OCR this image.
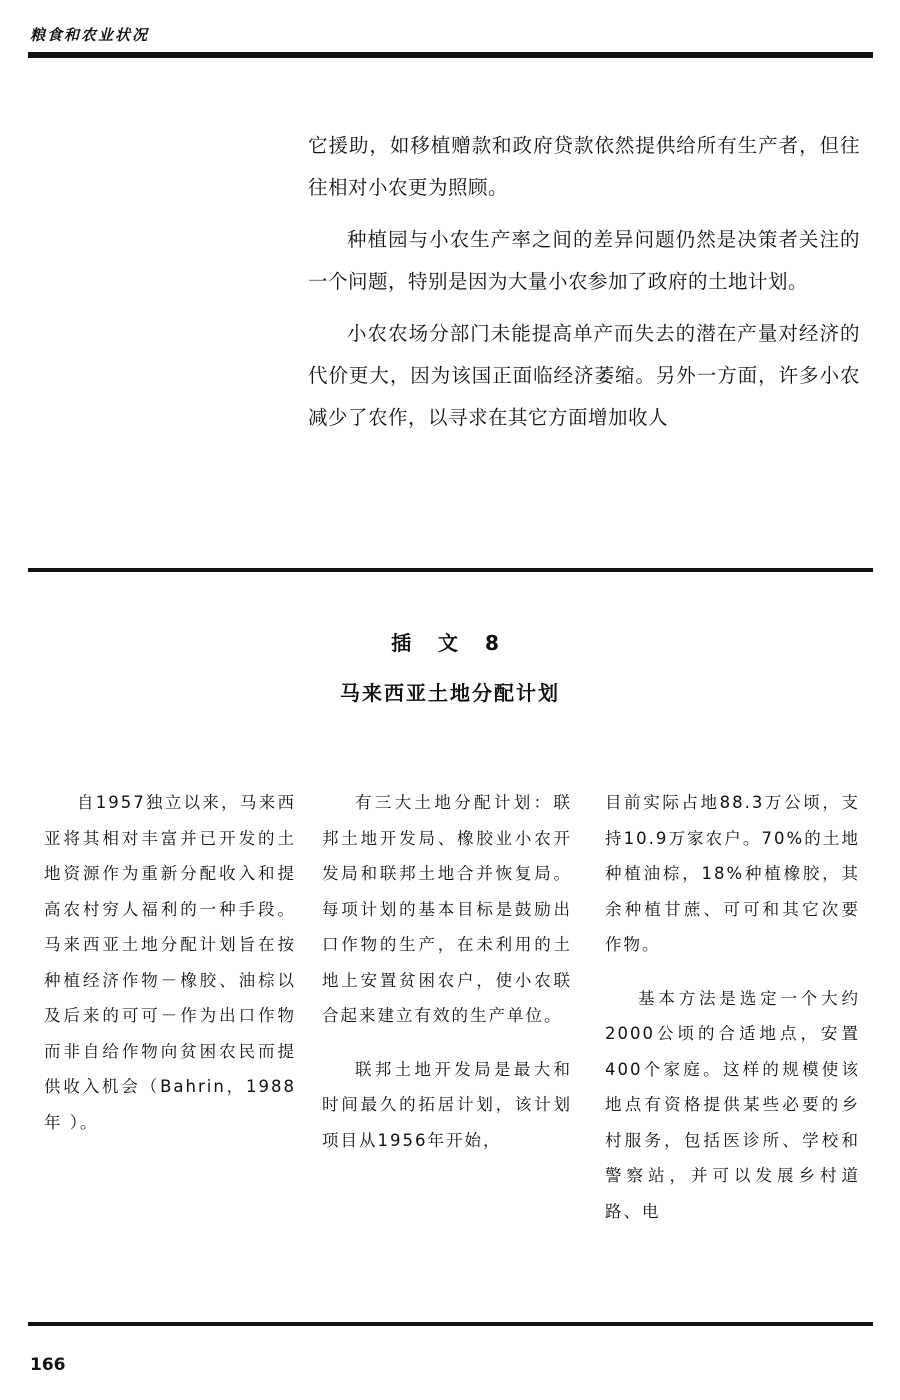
粮食和农业状况

它援助，如移植赠款和政府贷款依然提供给所有生产者，但往往相对小农更为照顾。

种植园与小农生产率之间的差异问题仍然是决策者关注的一个问题，特别是因为大量小农参加了政府的土地计划。

小农农场分部门未能提高单产而失去的潜在产量对经济的代价更大，因为该国正面临经济萎缩。另外一方面，许多小农减少了农作，以寻求在其它方面增加收人

插 文 8
马来西亚土地分配计划

自1957独立以来，马来西亚将其相对丰富并已开发的土地资源作为重新分配收入和提高农村穷人福利的一种手段。马来西亚土地分配计划旨在按种植经济作物－橡胶、油棕以及后来的可可－作为出口作物而非自给作物向贫困农民而提供收入机会（Bahrin，1988年 ）。

有三大土地分配计划：联邦土地开发局、橡胶业小农开发局和联邦土地合并恢复局。每项计划的基本目标是鼓励出口作物的生产，在未利用的土地上安置贫困农户，使小农联合起来建立有效的生产单位。

联邦土地开发局是最大和时间最久的拓居计划，该计划项目从1956年开始，

目前实际占地88.3万公顷，支持10.9万家农户。70%的土地种植油棕，18%种植橡胶，其余种植甘蔗、可可和其它次要作物。

基本方法是选定一个大约2000公顷的合适地点，安置400个家庭。这样的规模使该地点有资格提供某些必要的乡村服务，包括医诊所、学校和警察站，并可以发展乡村道路、电

166
